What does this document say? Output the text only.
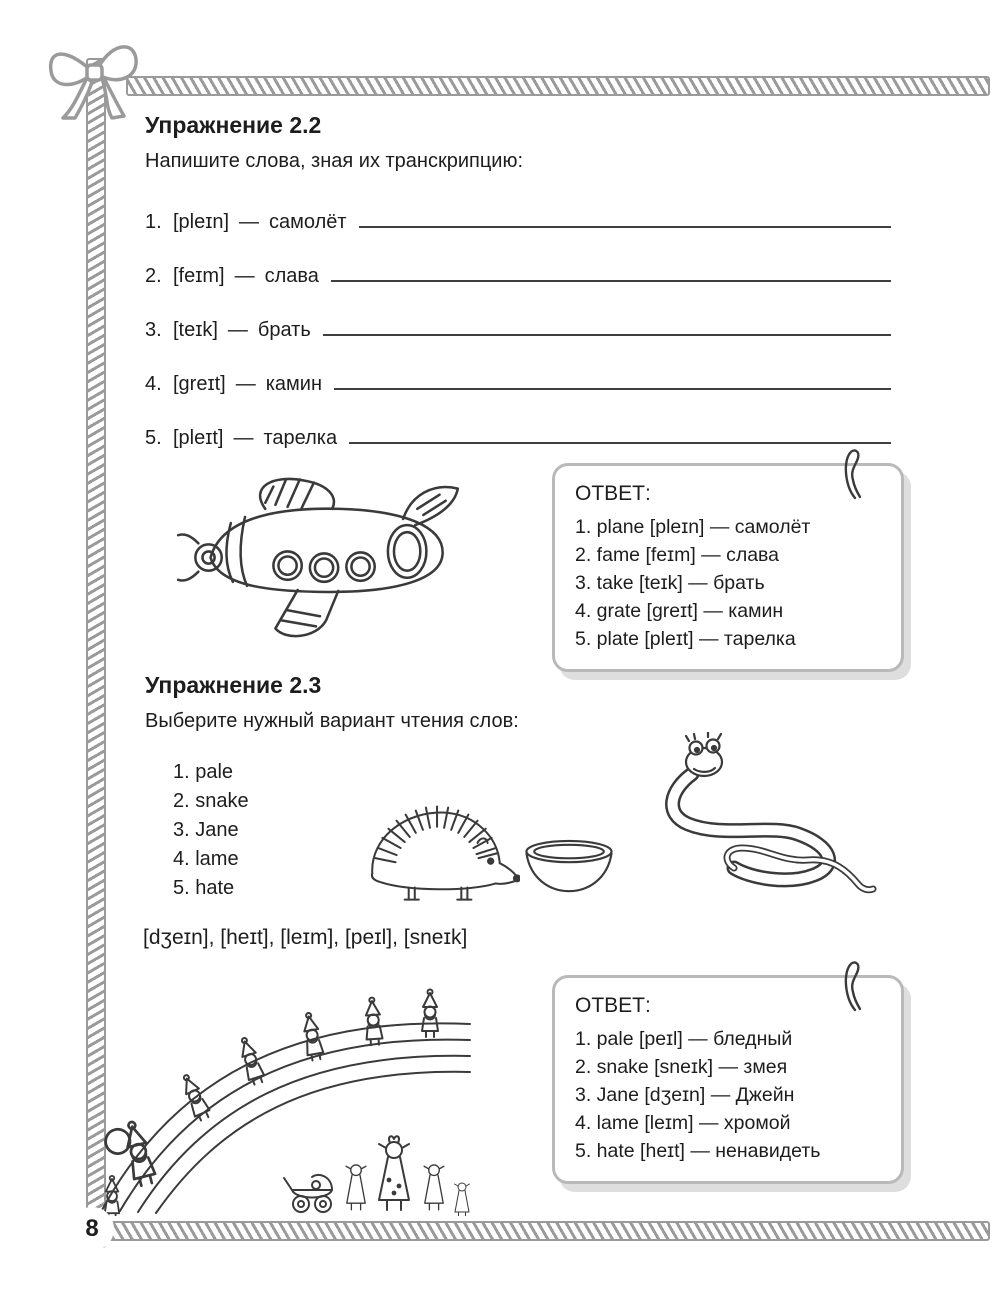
8
Упражнение 2.2
Напишите слова, зная их транскрипцию:
1. [pleɪn] — самолёт
2. [feɪm] — слава
3. [teɪk] — брать
4. [ɡreɪt] — камин
5. [pleɪt] — тарелка
ОТВЕТ:
1. plane [pleɪn] — самолёт
2. fame [feɪm] — слава
3. take [teɪk] — брать
4. grate [ɡreɪt] — камин
5. plate [pleɪt] — тарелка
Упражнение 2.3
Выберите нужный вариант чтения слов:
1. pale
2. snake
3. Jane
4. lame
5. hate
[dʒeɪn], [heɪt], [leɪm], [peɪl], [sneɪk]
ОТВЕТ:
1. pale [peɪl] — бледный
2. snake [sneɪk] — змея
3. Jane [dʒeɪn] — Джейн
4. lame [leɪm] — хромой
5. hate [heɪt] — ненавидеть
